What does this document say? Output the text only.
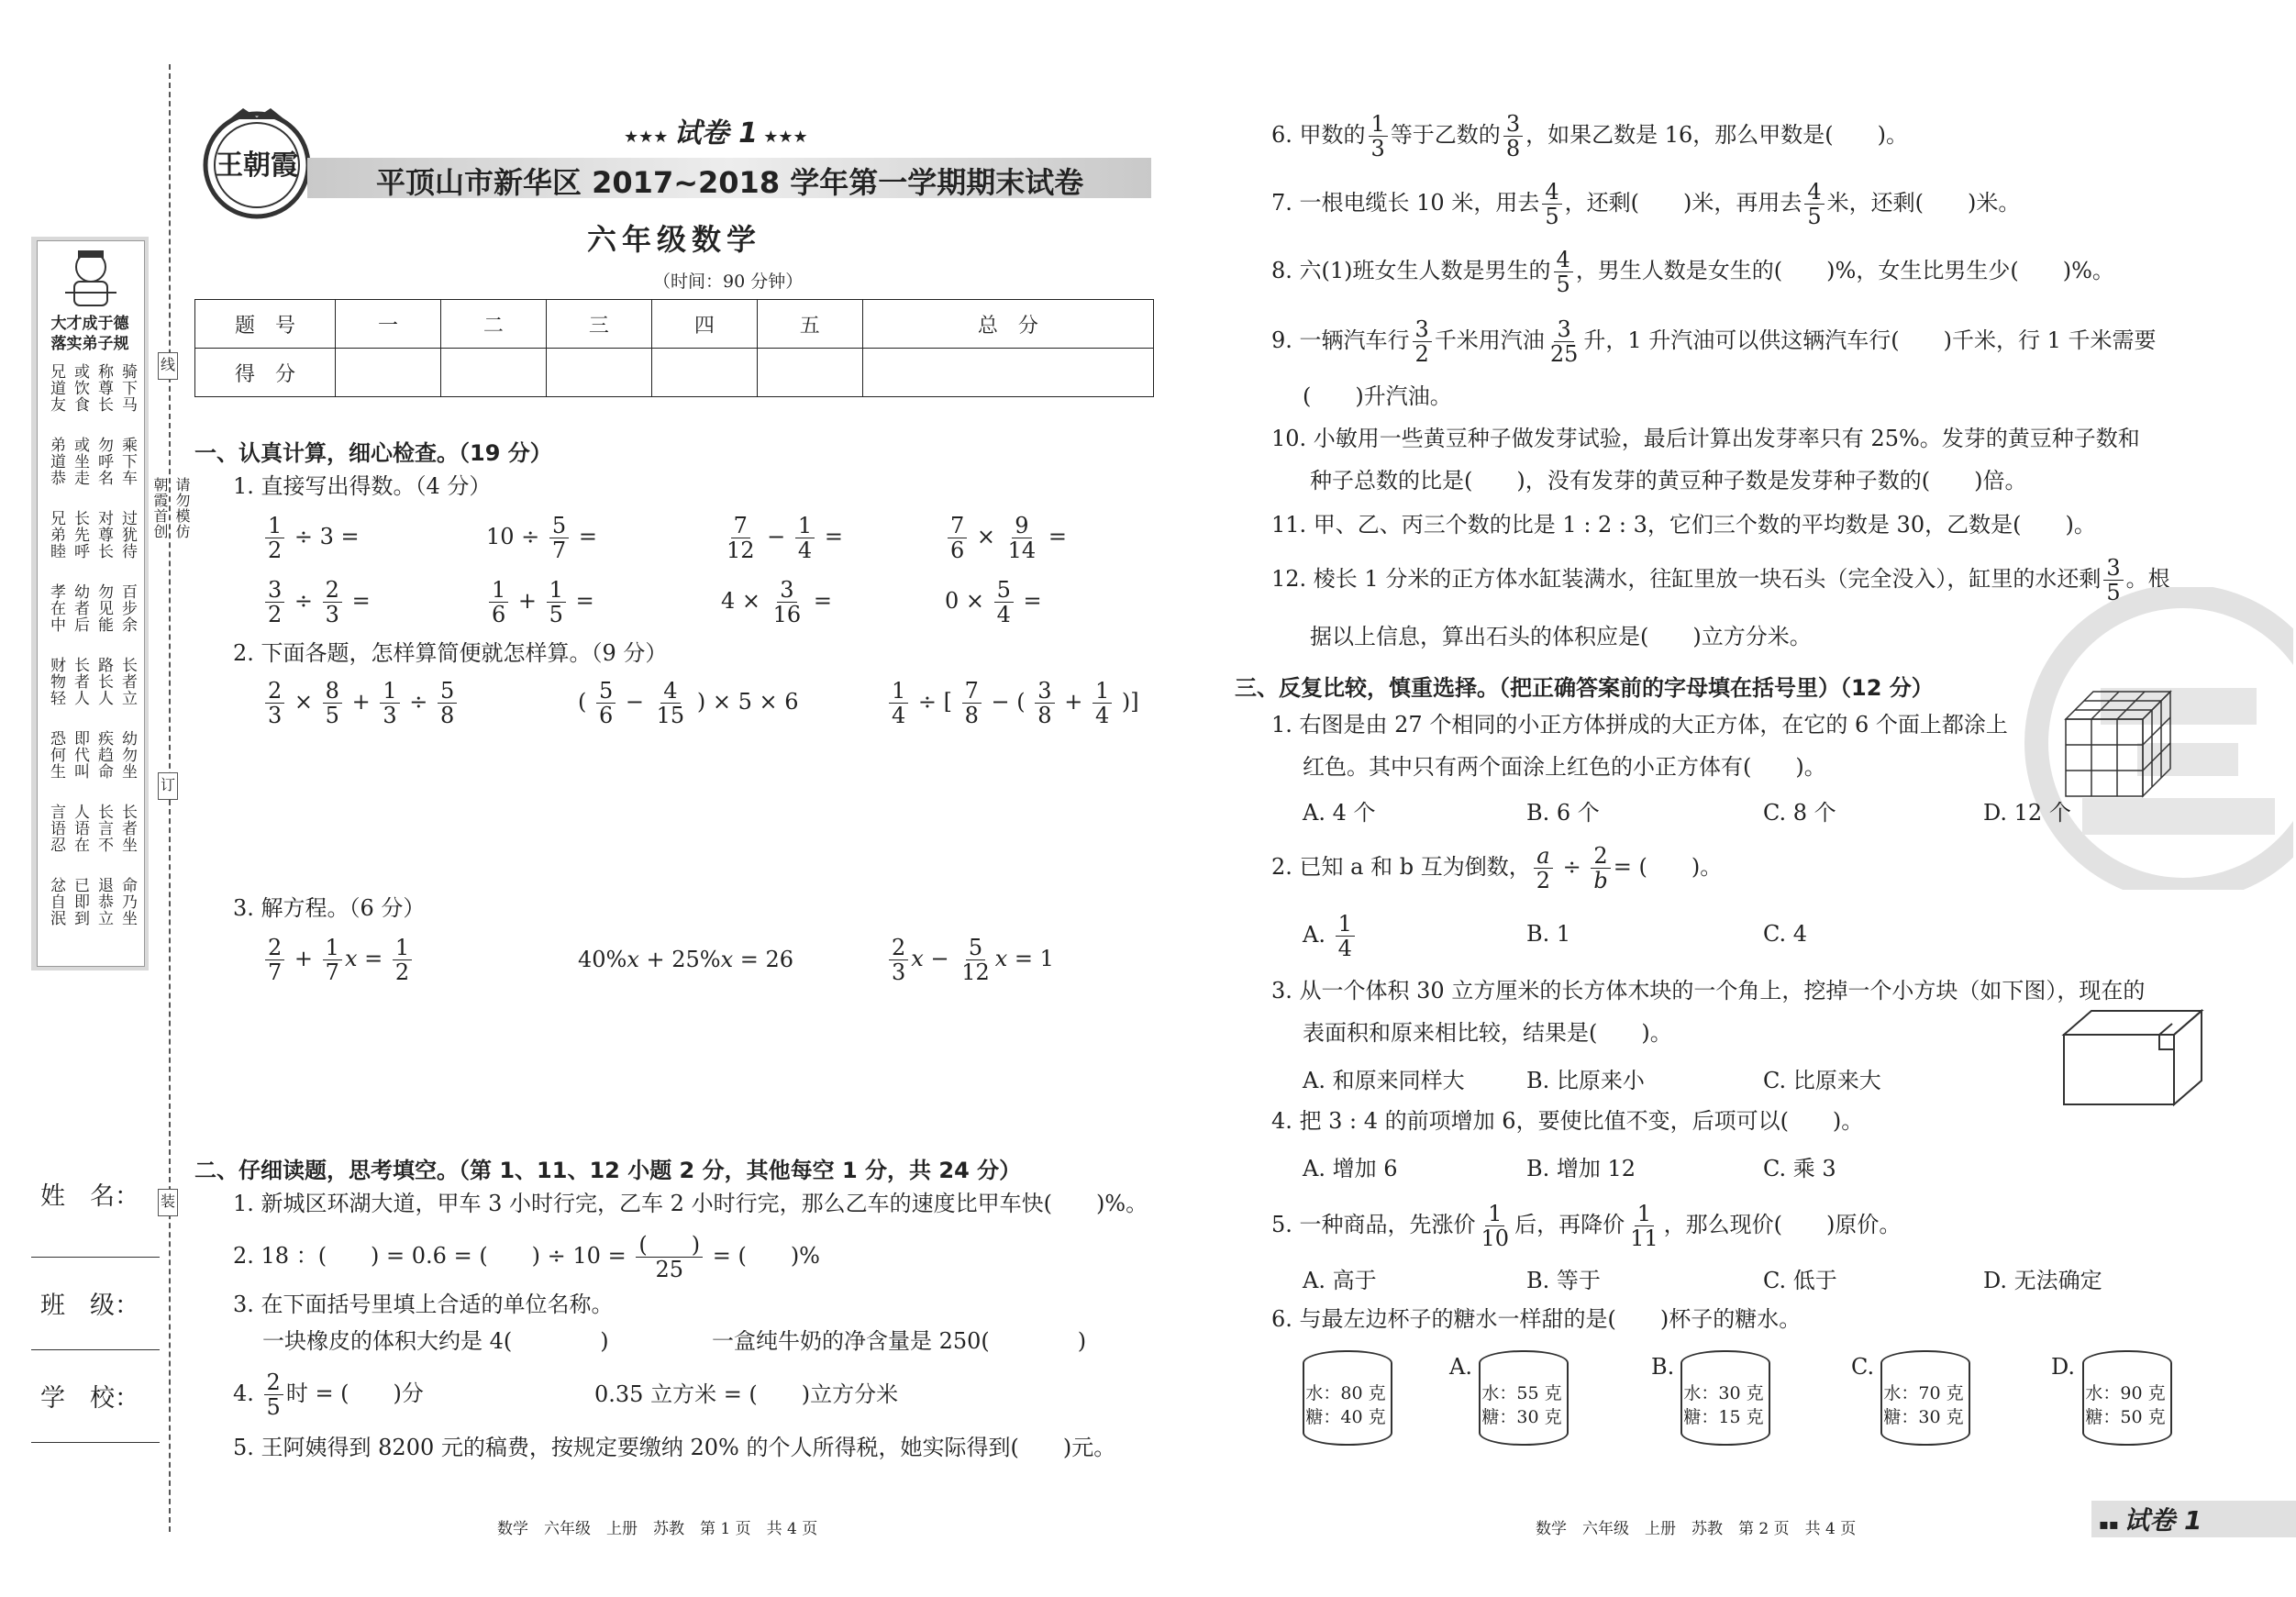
大才成于德
落实弟子规
骑下马
称尊长
或饮食
兄道友
乘下车
勿呼名
或坐走
弟道恭
过犹待
对尊长
长先呼
兄弟睦
百步余
勿见能
幼者后
孝在中
长者立
路长人
长者人
财物轻
幼勿坐
疾趋命
即代叫
恐何生
长者坐
长言不
人语在
言语忍
命乃坐
退恭立
已即到
忿自泯
线
订
装
朝霞首创 请勿模仿
姓　名：
班　级：
学　校：
王朝霞
★★★ 试卷 1 ★★★
平顶山市新华区 2017~2018 学年第一学期期末试卷
六年级数学
（时间：90 分钟）
题　号	一	二	三	四	五	总　分
得　分						
一、认真计算，细心检查。（19 分）
1. 直接写出得数。（4 分）
$\frac{1}{2} \div 3$ =	$10 \div \frac{5}{7}$ =	$\frac{7}{12} - \frac{1}{4}$ =	$\frac{7}{6} \times \frac{9}{14}$ =
$\frac{3}{2} \div \frac{2}{3}$ =	$\frac{1}{6} + \frac{1}{5}$ =	$4 \times \frac{3}{16}$ =	$0 \times \frac{5}{4}$ =
2. 下面各题，怎样算简便就怎样算。（9 分）
$\frac{2}{3} \times \frac{8}{5} + \frac{1}{3} \div \frac{5}{8}$	( $\frac{5}{6} - \frac{4}{15}$ ) × 5 × 6	$\frac{1}{4}$ ÷ [ $\frac{7}{8}$ − ( $\frac{3}{8} + \frac{1}{4}$ )]
3. 解方程。（6 分）
$\frac{2}{7} + \frac{1}{7}$ $x = \frac{1}{2}$	40%x + 25%x = 26	$\frac{2}{3}$ $x - \frac{5}{12}$ x = 1
二、仔细读题，思考填空。（第 1、11、12 小题 2 分，其他每空 1 分，共 24 分）
1. 新城区环湖大道，甲车 3 小时行完，乙车 2 小时行完，那么乙车的速度比甲车快(　　)%。
2. 18 ：(　　) = 0.6 = (　　) ÷ 10 = (　　)
25
= (　　)%
3. 在下面括号里填上合适的单位名称。
一块橡皮的体积大约是 4(　　　　)	一盒纯牛奶的净含量是 250(　　　　)
4. $\frac{2}{5}$ 时 = (　　)分	0.35 立方米 = (　　)立方分米
5. 王阿姨得到 8200 元的稿费，按规定要缴纳 20% 的个人所得税，她实际得到(　　)元。
数学　六年级　上册　苏教　第 1 页　共 4 页
6. 甲数的 $\frac{1}{3}$ 等于乙数的 $\frac{3}{8}$ ，如果乙数是 16，那么甲数是(　　)。
7. 一根电缆长 10 米，用去 $\frac{4}{5}$ ，还剩(　　)米，再用去 $\frac{4}{5}$ 米，还剩(　　)米。
8. 六(1)班女生人数是男生的 $\frac{4}{5}$ ，男生人数是女生的(　　)%，女生比男生少(　　)%。
9. 一辆汽车行 $\frac{3}{2}$ 千米用汽油 $\frac{3}{25}$ 升，1 升汽油可以供这辆汽车行(　　)千米，行 1 千米需要
(　　)升汽油。
10. 小敏用一些黄豆种子做发芽试验，最后计算出发芽率只有 25%。发芽的黄豆种子数和
种子总数的比是(　　)，没有发芽的黄豆种子数是发芽种子数的(　　)倍。
11. 甲、乙、丙三个数的比是 1 : 2 : 3，它们三个数的平均数是 30，乙数是(　　)。
12. 棱长 1 分米的正方体水缸装满水，往缸里放一块石头（完全没入），缸里的水还剩 $\frac{3}{5}$ 。根
据以上信息，算出石头的体积应是(　　)立方分米。
三、反复比较，慎重选择。（把正确答案前的字母填在括号里）（12 分）
1. 右图是由 27 个相同的小正方体拼成的大正方体，在它的 6 个面上都涂上
红色。其中只有两个面涂上红色的小正方体有(　　)。
A. 4 个	B. 6 个	C. 8 个	D. 12 个
2. 已知 a 和 b 互为倒数， $\frac{a}{2} \div \frac{2}{b}$ = (　　)。
A. $\frac{1}{4}$	B. 1	C. 4
3. 从一个体积 30 立方厘米的长方体木块的一个角上，挖掉一个小方块（如下图），现在的
表面积和原来相比较，结果是(　　)。
A. 和原来同样大	B. 比原来小	C. 比原来大
4. 把 3 : 4 的前项增加 6，要使比值不变，后项可以(　　)。
A. 增加 6	B. 增加 12	C. 乘 3
5. 一种商品，先涨价 $\frac{1}{10}$ 后，再降价 $\frac{1}{11}$ ，那么现价(　　)原价。
A. 高于	B. 等于	C. 低于	D. 无法确定
6. 与最左边杯子的糖水一样甜的是(　　)杯子的糖水。
水：80 克
糖：40 克
A.
水：55 克
糖：30 克
B.
水：30 克
糖：15 克
C.
水：70 克
糖：30 克
D.
水：90 克
糖：50 克
数学　六年级　上册　苏教　第 2 页　共 4 页	▪▪ 试卷 1
